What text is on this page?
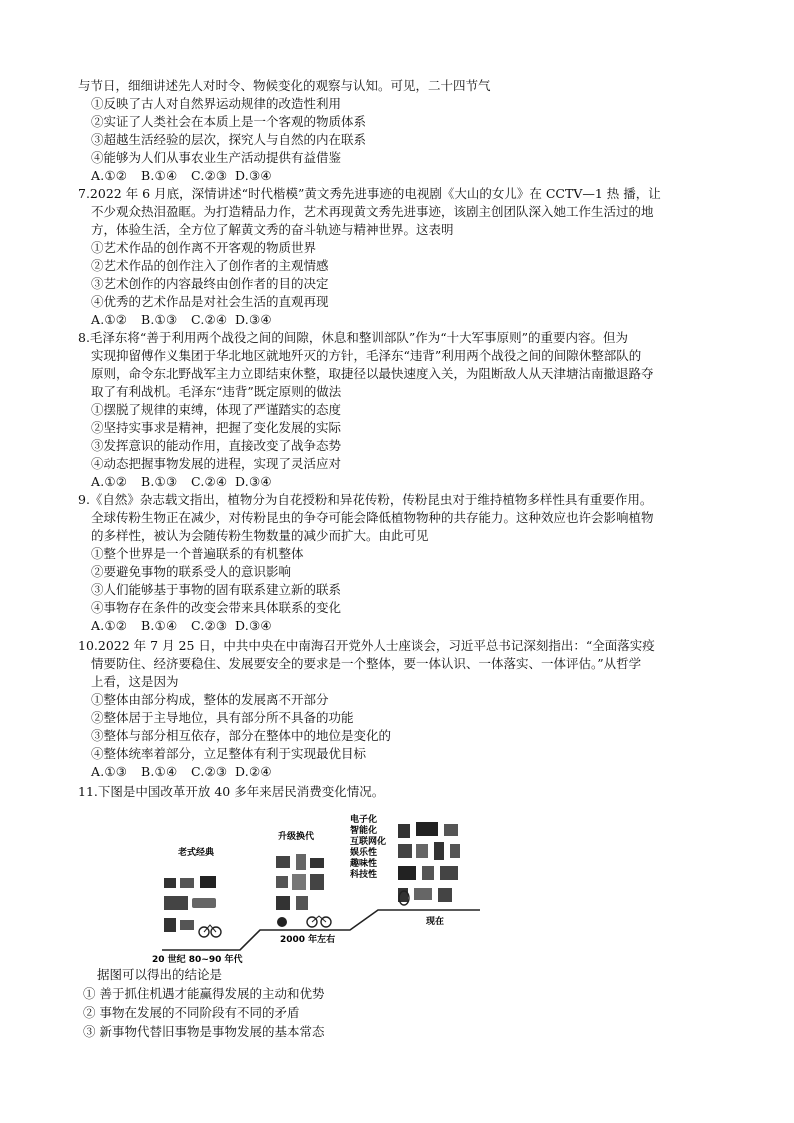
与节日，细细讲述先人对时令、物候变化的观察与认知。可见，二十四节气
①反映了古人对自然界运动规律的改造性利用
②实证了人类社会在本质上是一个客观的物质体系
③超越生活经验的层次，探究人与自然的内在联系
④能够为人们从事农业生产活动提供有益借鉴
A.①② B.①④ C.②③ D.③④
7.2022 年 6 月底，深情讲述“时代楷模”黄文秀先进事迹的电视剧《大山的女儿》在 CCTV—1 热 播，让
不少观众热泪盈眶。为打造精品力作，艺术再现黄文秀先进事迹，该剧主创团队深入她工作生活过的地
方，体验生活，全方位了解黄文秀的奋斗轨迹与精神世界。这表明
①艺术作品的创作离不开客观的物质世界
②艺术作品的创作注入了创作者的主观情感
③艺术创作的内容最终由创作者的目的决定
④优秀的艺术作品是对社会生活的直观再现
A.①② B.①③ C.②④ D.③④
8.毛泽东将“善于利用两个战役之间的间隙，休息和整训部队”作为“十大军事原则”的重要内容。但为
实现抑留傅作义集团于华北地区就地歼灭的方针，毛泽东“违背”利用两个战役之间的间隙休整部队的
原则，命令东北野战军主力立即结束休整，取捷径以最快速度入关，为阻断敌人从天津塘沽南撤退路夺
取了有利战机。毛泽东“违背”既定原则的做法
①摆脱了规律的束缚，体现了严谨踏实的态度
②坚持实事求是精神，把握了变化发展的实际
③发挥意识的能动作用，直接改变了战争态势
④动态把握事物发展的进程，实现了灵活应对
A.①② B.①③ C.②④ D.③④
9.《自然》杂志载文指出，植物分为自花授粉和异花传粉，传粉昆虫对于维持植物多样性具有重要作用。
全球传粉生物正在减少，对传粉昆虫的争夺可能会降低植物物种的共存能力。这种效应也许会影响植物
的多样性，被认为会随传粉生物数量的减少而扩大。由此可见
①整个世界是一个普遍联系的有机整体
②要避免事物的联系受人的意识影响
③人们能够基于事物的固有联系建立新的联系
④事物存在条件的改变会带来具体联系的变化
A.①② B.①④ C.②③ D.③④
10.2022 年 7 月 25 日，中共中央在中南海召开党外人士座谈会，习近平总书记深刻指出：“全面落实疫
情要防住、经济要稳住、发展要安全的要求是一个整体，要一体认识、一体落实、一体评估。”从哲学
上看，这是因为
①整体由部分构成，整体的发展离不开部分
②整体居于主导地位，具有部分所不具备的功能
③整体与部分相互依存，部分在整体中的地位是变化的
④整体统率着部分，立足整体有利于实现最优目标
A.①③ B.①④ C.②③ D.②④
11.下图是中国改革开放 40 多年来居民消费变化情况。
老式经典
升级换代
电子化
智能化
互联网化
娱乐性
趣味性
科技性
20 世纪 80~90 年代
2000 年左右
现在
据图可以得出的结论是
① 善于抓住机遇才能赢得发展的主动和优势
② 事物在发展的不同阶段有不同的矛盾
③ 新事物代替旧事物是事物发展的基本常态
